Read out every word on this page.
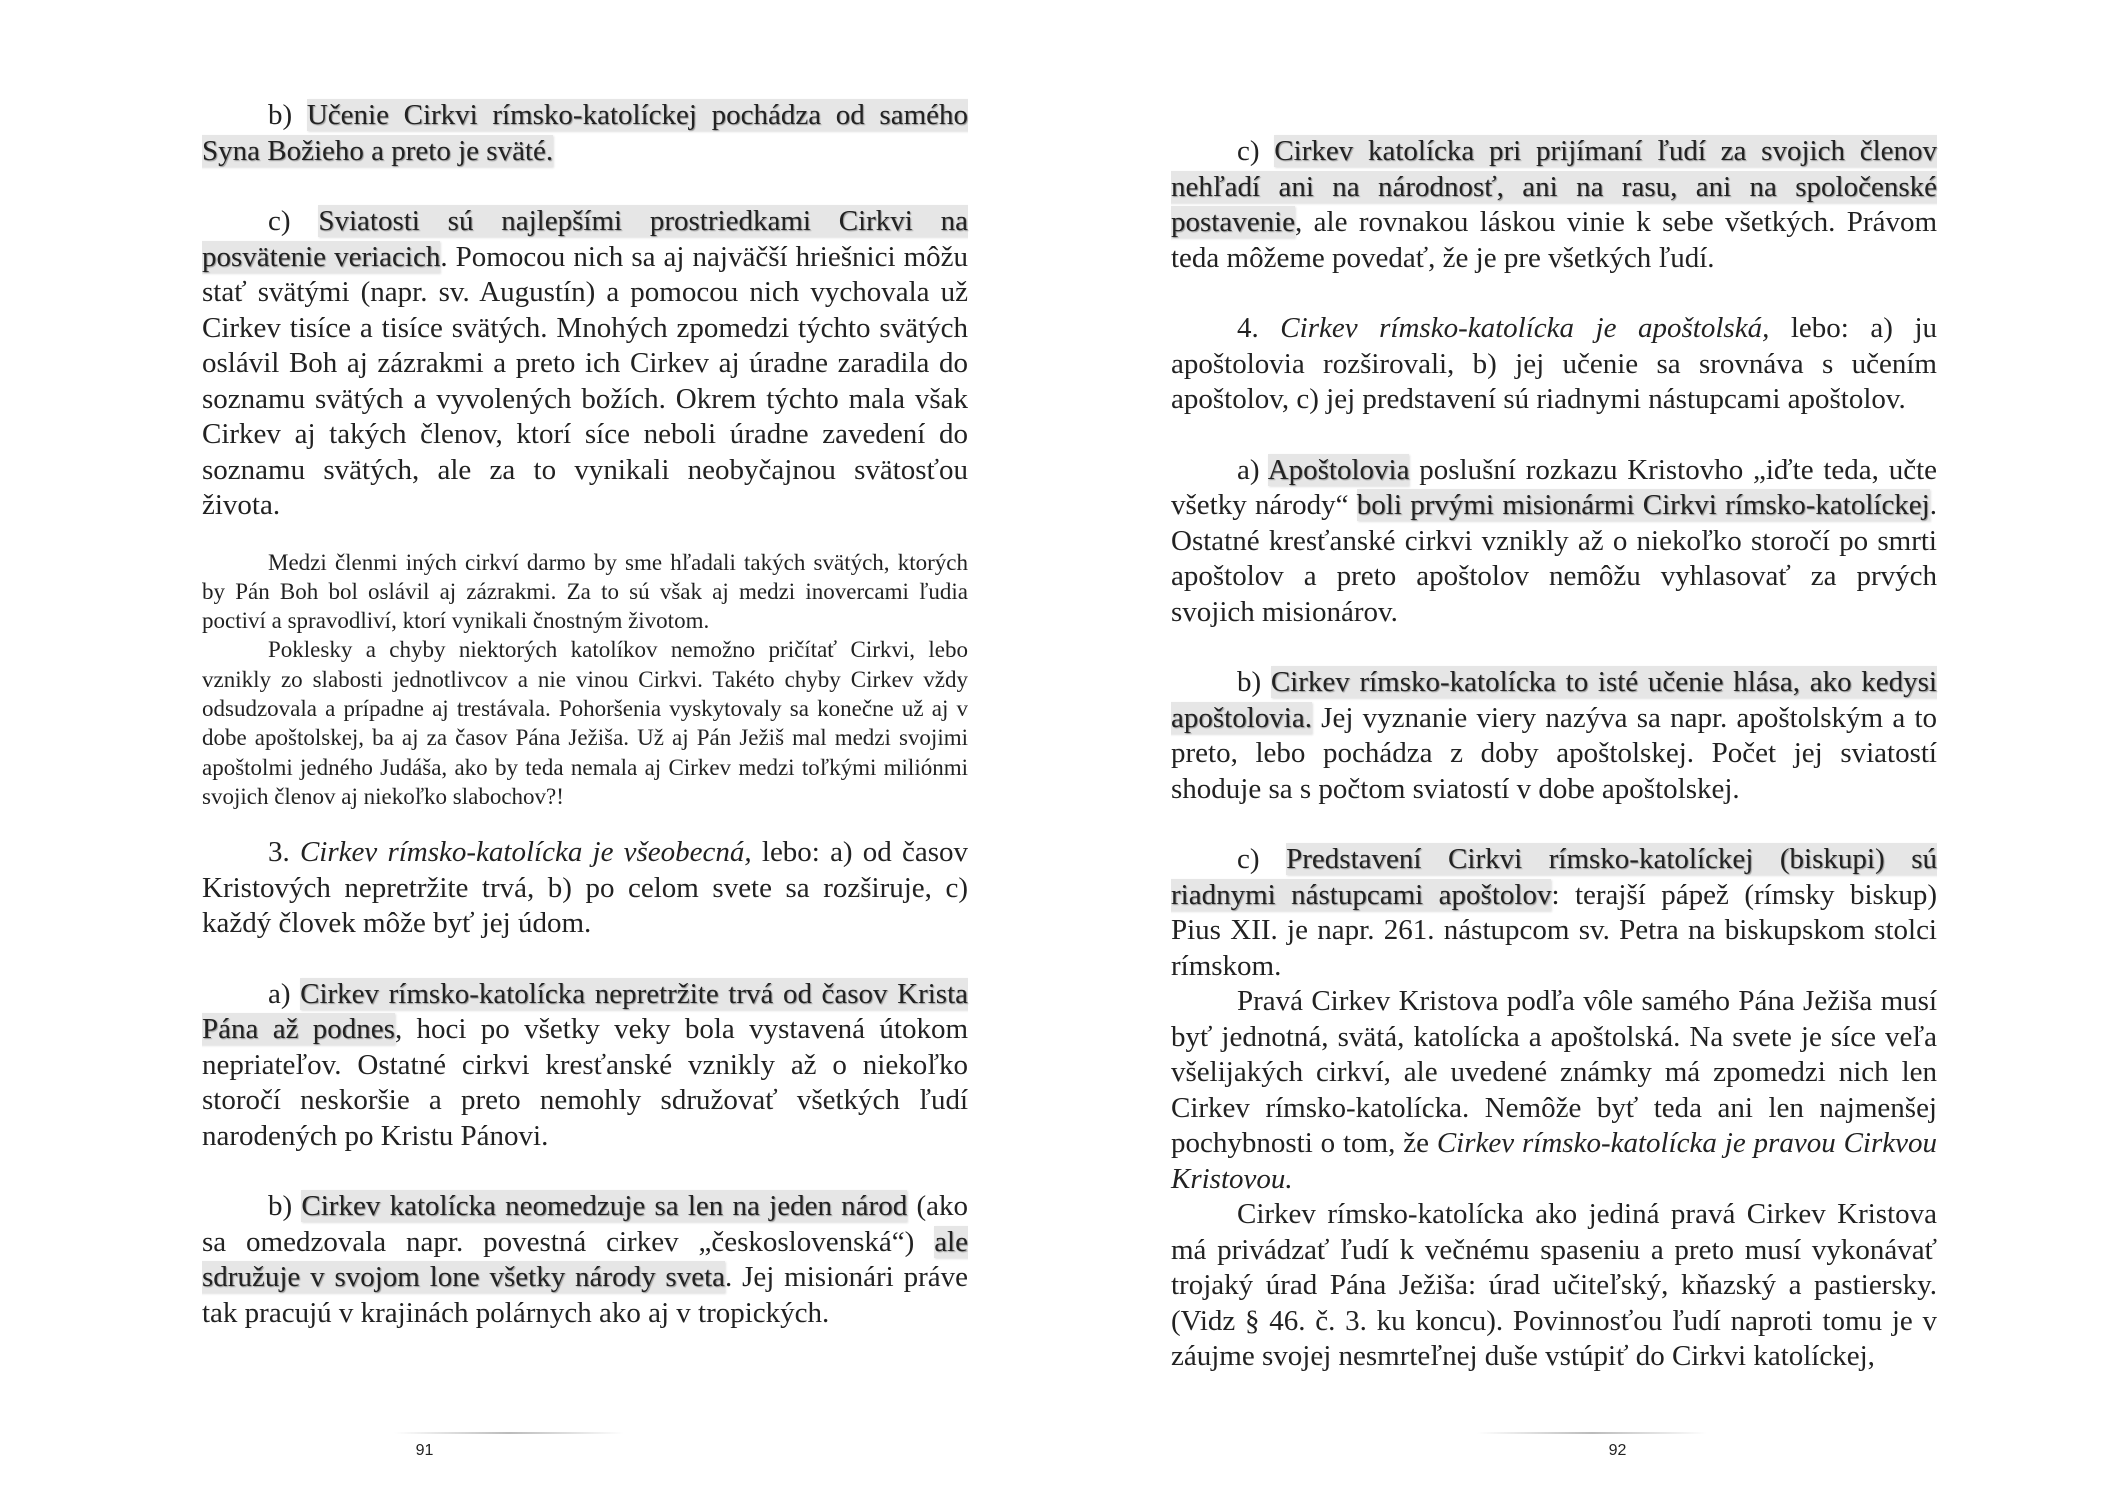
b) Učenie Cirkvi rímsko-katolíckej pochádza od samého Syna Božieho a preto je sväté.

c) Sviatosti sú najlepšími prostriedkami Cirkvi na posvätenie veriacich. Pomocou nich sa aj najväčší hriešnici môžu stať svätými (napr. sv. Augustín) a pomocou nich vychovala už Cirkev tisíce a tisíce svätých. Mnohých zpomedzi týchto svätých oslávil Boh aj zázrakmi a preto ich Cirkev aj úradne zaradila do soznamu svätých a vyvolených božích. Okrem týchto mala však Cirkev aj takých členov, ktorí síce neboli úradne zavedení do soznamu svätých, ale za to vynikali neobyčajnou svätosťou života.

Medzi členmi iných cirkví darmo by sme hľadali takých svätých, ktorých by Pán Boh bol oslávil aj zázrakmi. Za to sú však aj medzi inovercami ľudia poctiví a spravodliví, ktorí vynikali čnostným životom.

Poklesky a chyby niektorých katolíkov nemožno pričítať Cirkvi, lebo vznikly zo slabosti jednotlivcov a nie vinou Cirkvi. Takéto chyby Cirkev vždy odsudzovala a prípadne aj trestávala. Pohoršenia vyskytovaly sa konečne už aj v dobe apoštolskej, ba aj za časov Pána Ježiša. Už aj Pán Ježiš mal medzi svojimi apoštolmi jedného Judáša, ako by teda nemala aj Cirkev medzi toľkými miliónmi svojich členov aj niekoľko slabochov?!

3. Cirkev rímsko-katolícka je všeobecná, lebo: a) od časov Kristových nepretržite trvá, b) po celom svete sa rozširuje, c) každý človek môže byť jej údom.

a) Cirkev rímsko-katolícka nepretržite trvá od časov Krista Pána až podnes, hoci po všetky veky bola vystavená útokom nepriateľov. Ostatné cirkvi kresťanské vznikly až o niekoľko storočí neskoršie a preto nemohly sdružovať všetkých ľudí narodených po Kristu Pánovi.

b) Cirkev katolícka neomedzuje sa len na jeden národ (ako sa omedzovala napr. povestná cirkev „československá“) ale sdružuje v svojom lone všetky národy sveta. Jej misionári práve tak pracujú v krajinách polárnych ako aj v tropických.

91

c) Cirkev katolícka pri prijímaní ľudí za svojich členov nehľadí ani na národnosť, ani na rasu, ani na spoločenské postavenie, ale rovnakou láskou vinie k sebe všetkých. Právom teda môžeme povedať, že je pre všetkých ľudí.

4. Cirkev rímsko-katolícka je apoštolská, lebo: a) ju apoštolovia rozširovali, b) jej učenie sa srovnáva s učením apoštolov, c) jej predstavení sú riadnymi nástupcami apoštolov.

a) Apoštolovia poslušní rozkazu Kristovho „iďte teda, učte všetky národy“ boli prvými misionármi Cirkvi rímsko-katolíckej. Ostatné kresťanské cirkvi vznikly až o niekoľko storočí po smrti apoštolov a preto apoštolov nemôžu vyhlasovať za prvých svojich misionárov.

b) Cirkev rímsko-katolícka to isté učenie hlása, ako kedysi apoštolovia. Jej vyznanie viery nazýva sa napr. apoštolským a to preto, lebo pochádza z doby apoštolskej. Počet jej sviatostí shoduje sa s počtom sviatostí v dobe apoštolskej.

c) Predstavení Cirkvi rímsko-katolíckej (biskupi) sú riadnymi nástupcami apoštolov: terajší pápež (rímsky biskup) Pius XII. je napr. 261. nástupcom sv. Petra na biskupskom stolci rímskom.

Pravá Cirkev Kristova podľa vôle samého Pána Ježiša musí byť jednotná, svätá, katolícka a apoštolská. Na svete je síce veľa všelijakých cirkví, ale uvedené známky má zpomedzi nich len Cirkev rímsko-katolícka. Nemôže byť teda ani len najmenšej pochybnosti o tom, že Cirkev rímsko-katolícka je pravou Cirkvou Kristovou.

Cirkev rímsko-katolícka ako jediná pravá Cirkev Kristova má privádzať ľudí k večnému spaseniu a preto musí vykonávať trojaký úrad Pána Ježiša: úrad učiteľský, kňazský a pastiersky. (Vidz § 46. č. 3. ku koncu). Povinnosťou ľudí naproti tomu je v záujme svojej nesmrteľnej duše vstúpiť do Cirkvi katolíckej,

92
